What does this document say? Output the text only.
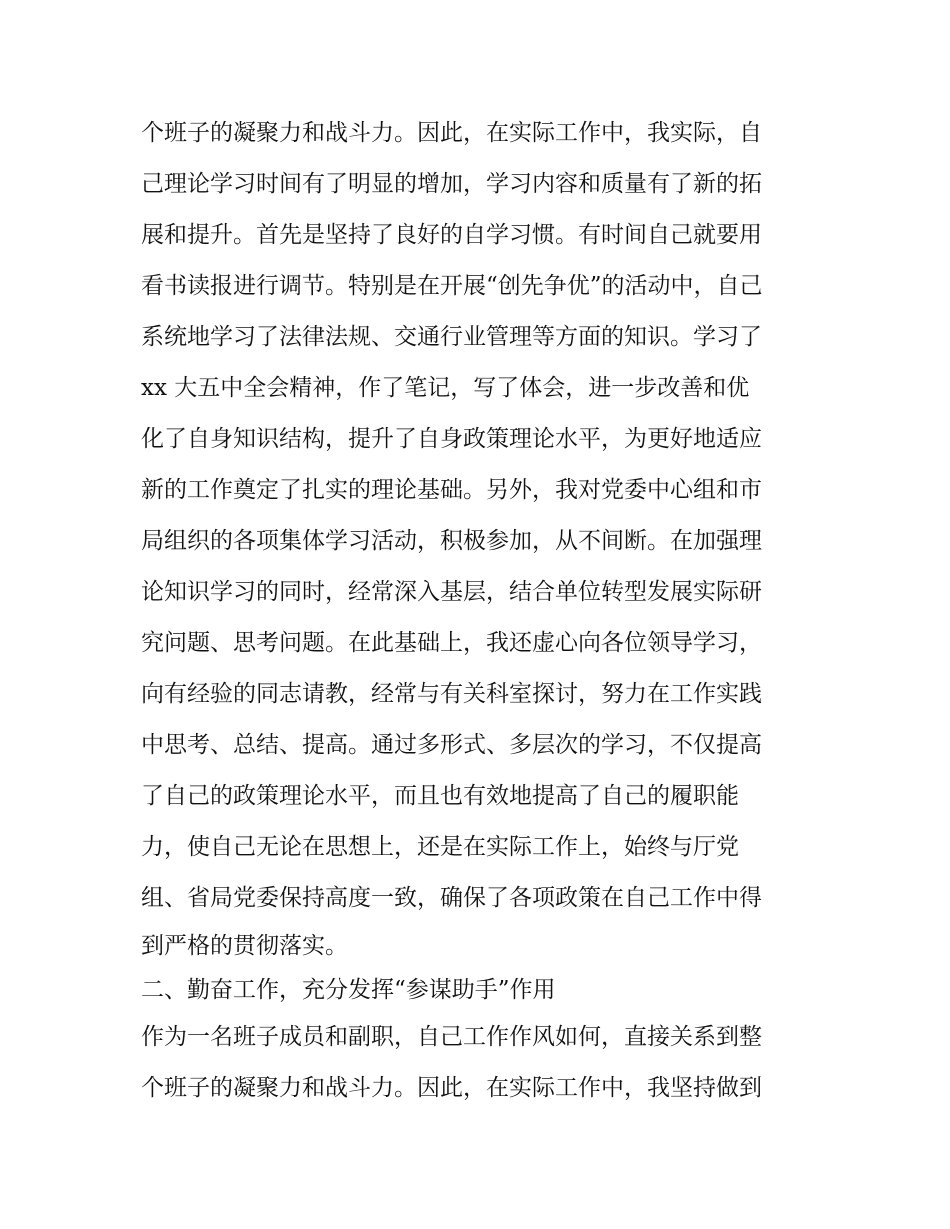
个班子的凝聚力和战斗力。因此，在实际工作中，我实际，自
己理论学习时间有了明显的增加，学习内容和质量有了新的拓
展和提升。首先是坚持了良好的自学习惯。有时间自己就要用
看书读报进行调节。特别是在开展“创先争优”的活动中，自己
系统地学习了法律法规、交通行业管理等方面的知识。学习了
xx 大五中全会精神，作了笔记，写了体会，进一步改善和优
化了自身知识结构，提升了自身政策理论水平，为更好地适应
新的工作奠定了扎实的理论基础。另外，我对党委中心组和市
局组织的各项集体学习活动，积极参加，从不间断。在加强理
论知识学习的同时，经常深入基层，结合单位转型发展实际研
究问题、思考问题。在此基础上，我还虚心向各位领导学习，
向有经验的同志请教，经常与有关科室探讨，努力在工作实践
中思考、总结、提高。通过多形式、多层次的学习，不仅提高
了自己的政策理论水平，而且也有效地提高了自己的履职能
力，使自己无论在思想上，还是在实际工作上，始终与厅党
组、省局党委保持高度一致，确保了各项政策在自己工作中得
到严格的贯彻落实。
二、勤奋工作，充分发挥“参谋助手”作用
作为一名班子成员和副职，自己工作作风如何，直接关系到整
个班子的凝聚力和战斗力。因此，在实际工作中，我坚持做到
